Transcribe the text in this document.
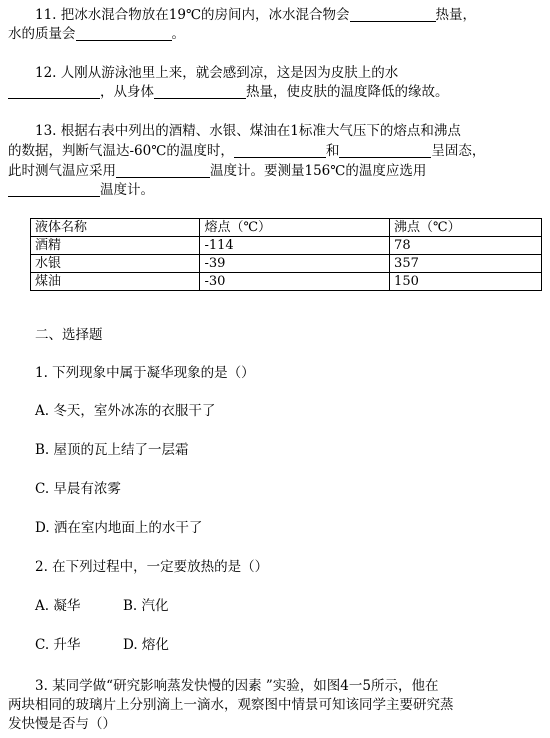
11. 把冰水混合物放在19℃的房间内，冰水混合物会	热量，
水的质量会	。
12. 人刚从游泳池里上来，就会感到凉，这是因为皮肤上的水
，从身体	热量，使皮肤的温度降低的缘故。
13. 根据右表中列出的酒精、水银、煤油在1标准大气压下的熔点和沸点
的数据，判断气温达-60℃的温度时，	和	呈固态，
此时测气温应采用	温度计。要测量156℃的温度应选用
温度计。
液体名称	熔点（℃）	沸点（℃）
酒精	-114	78
水银	-39	357
煤油	-30	150
二、选择题
1. 下列现象中属于凝华现象的是（）
A. 冬天，室外冰冻的衣服干了
B. 屋顶的瓦上结了一层霜
C. 早晨有浓雾
D. 洒在室内地面上的水干了
2. 在下列过程中，一定要放热的是（）
A. 凝华	B. 汽化
C. 升华	D. 熔化
3. 某同学做“研究影响蒸发快慢的因素 ”实验，如图4一5所示，他在
两块相同的玻璃片上分别滴上一滴水，观察图中情景可知该同学主要研究蒸
发快慢是否与（）
